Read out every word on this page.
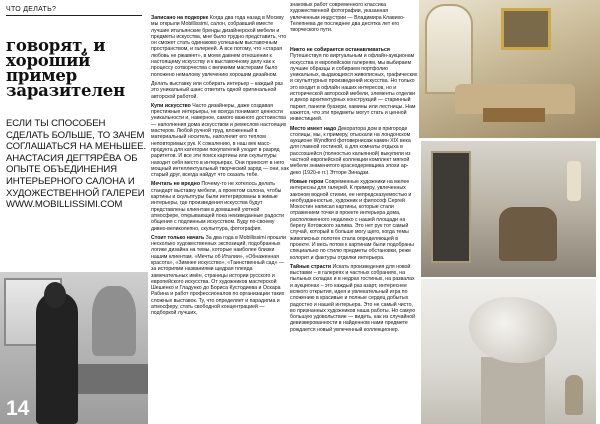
ЧТО ДЕЛАТЬ?
говорят, и хороший пример заразителен
ЕСЛИ ТЫ СПОСОБЕН СДЕЛАТЬ БОЛЬШЕ, ТО ЗАЧЕМ СОГЛАШАТЬСЯ НА МЕНЬШЕЕ. АНАСТАСИЯ ДЕГТЯРЁВА ОБ ОПЫТЕ ОБЪЕДИНЕНИЯ ИНТЕРЬЕРНОГО САЛОНА И ХУДОЖЕСТВЕННОЙ ГАЛЕРЕИ WWW.MOBILLISSIMI.COM
14

Записано на подкорке Когда два года назад в Москву мы открыли Mobillissimi, салон, собравший вместе лучшие итальянские бренды дизайнерской мебели и предметы искусства, мне было трудно представить, что он сможет стать одинаково успешным выставочным пространством, и галереей. А все потому, что «старая любовь не ржавеет», в моем давнем отношении к настоящему искусству и к выставочному делу как к процессу сотворчества с великими мастерами было положено немалому увлечению хорошим дизайном.

Делать выставку или собирать интерьер – каждый раз это уникальный шанс ответить одной оригинальной авторской работой.

Купи искусство Часто дизайнеры, даже создавая престижные интерьеры, не всегда понимают ценности уникальности и, наверное, самого важного достоинства — наполнения дома искусством и ремеслом настоящих мастеров. Любой ручной труд, вложенный в материальный носитель, наполняет его теплом неповторимых рук. К сожалению, в наш век масс-продукта для категории покупателей уходит в разряд раритетов. И все эти поиск картины или скульптуры находит себя место в интерьерах. Они приносят в него мощный интеллектуальный творческий заряд — они, как старый друг, всегда найдут что сказать тебе.

Мечтать не вредно Почему-то не хотелось делать стандарт выставку мебели, а проектом салона, чтобы картины и скульптуры были интегрированы в живые интерьеры, где произведения искусства будут представлены клиентам в домашней уютной атмосфере, открывающей пока неизведанные радости общения с подлинным искусством. Буду по-своему дивно-великолепно, скульптура, фотография.

Стоит только начать За два года в Mobillissimi прошли несколько художественных экспозиций, подобранных логике дизайна на темы, которые наиболее близки нашим клиентам. «Мечты об Италии», «Обнаженная красота», «Зимнее искусство», «Таинственный сад» — за историями названиями щедрая плеяда замечательных имён, страницы истории русского и европейского искусства. От художников мастерской Шешенко и Гладунко до Бориса Кустодиева и Оскара Рабина и работ профессионалов по организации таких сложных выставок. Ту, что определяет и парадигма и атмосферу, стать свободной концентрацией — подборкой лучших,

знаковых работ современного классика художественной фотографии, указанная увлеченным индустрии — Владимира Клавихо-Телепнева де последнее два десятка лет его творческого пути.

Никто не собирается останавливаться Путешествуя по виртуальным и офлайн-аукционам искусства и европейском галереям, мы выбираем лучшие образцы и собираем портфолио уникальных, выдающихся живописных, графических и скульптурных произведений искусства. Но только это входит в офлайн наших интересов, но и исторической авторской мебели, элементы отделки и декор архитектурных конструкций — старинный паркет, панели буазери, камины или лестницы. Нам кажется, что эти предметы могут стать и ценной инвестицией.

Место имеет надо Декоратора дом в пригороде столицы, мы, к примеру, отыскали на лондонском аукционе Wyndford фотовернисаж камин XIX века для главной гостиной, а для комнаты отдыха в рассохшейся (полностью кальянной) выкупили из частной европейской коллекции комплект мягкой мебели знаменитого краснодеревщика эпохи ар-деко (1920-е гг.) Этторе Зинадзи.

Новые герои Современные художники на мелее интересны для галерей. К примеру, увлеченных законом водной стихии, ее непредсказуемостью и необузданностью, художник и философ Сергей Мокостин написал картины, которые стали отражением точки в проекте интерьера дома, расположенного недалеко с нашей площади на берегу Котовского залива. Это нет рук тот самый случай, который в больше могу щего, когда темы живописных полотен стала определяющей в проекте. И весь потом к картинам были подобраны специально по стилю предметы обстановки, реже колорит и фактуры отделки интерьера.

Тайные страсти Искать произведения для новой выставки – в галереях и частных собраниях, на пыльных складах и в недрах гостиных, на развалах и аукционах – это каждый раз азарт, интереснее всякого открытия, идея и увлекательный игра по сложению в красивые и полные сердец добытых радостно и нашей интерьера. Это не самый чисто, во признанных художников наша работы. Но самую большую удовольствие — видеть, как из случайной девизверованности в найденном нами предмете рождается новый увлеченный коллекционер.
